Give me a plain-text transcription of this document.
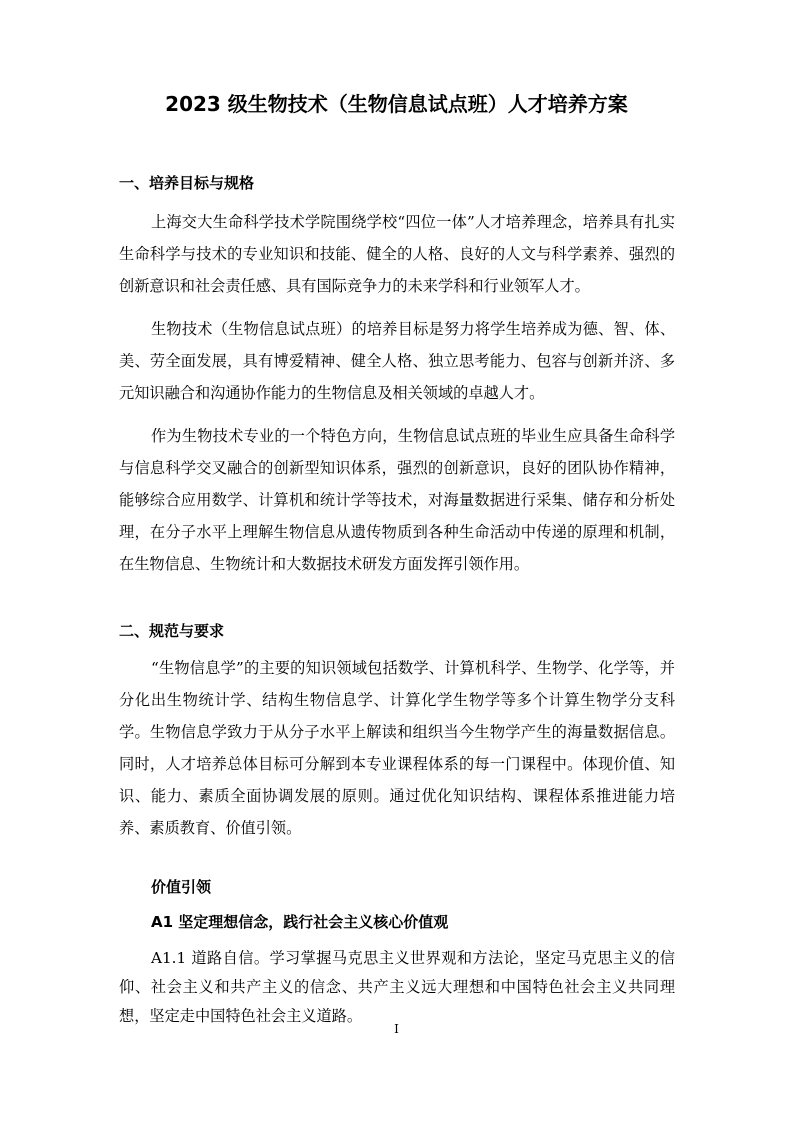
2023 级生物技术（生物信息试点班）人才培养方案
一、培养目标与规格

上海交大生命科学技术学院围绕学校“四位一体”人才培养理念，培养具有扎实生命科学与技术的专业知识和技能、健全的人格、良好的人文与科学素养、强烈的创新意识和社会责任感、具有国际竞争力的未来学科和行业领军人才。

生物技术（生物信息试点班）的培养目标是努力将学生培养成为德、智、体、美、劳全面发展，具有博爱精神、健全人格、独立思考能力、包容与创新并济、多元知识融合和沟通协作能力的生物信息及相关领域的卓越人才。

作为生物技术专业的一个特色方向，生物信息试点班的毕业生应具备生命科学与信息科学交叉融合的创新型知识体系，强烈的创新意识，良好的团队协作精神，能够综合应用数学、计算机和统计学等技术，对海量数据进行采集、储存和分析处理，在分子水平上理解生物信息从遗传物质到各种生命活动中传递的原理和机制，在生物信息、生物统计和大数据技术研发方面发挥引领作用。

二、规范与要求

“生物信息学”的主要的知识领域包括数学、计算机科学、生物学、化学等，并分化出生物统计学、结构生物信息学、计算化学生物学等多个计算生物学分支科学。生物信息学致力于从分子水平上解读和组织当今生物学产生的海量数据信息。同时，人才培养总体目标可分解到本专业课程体系的每一门课程中。体现价值、知识、能力、素质全面协调发展的原则。通过优化知识结构、课程体系推进能力培养、素质教育、价值引领。

价值引领
A1 坚定理想信念，践行社会主义核心价值观

A1.1 道路自信。学习掌握马克思主义世界观和方法论，坚定马克思主义的信仰、社会主义和共产主义的信念、共产主义远大理想和中国特色社会主义共同理想，坚定走中国特色社会主义道路。

I
